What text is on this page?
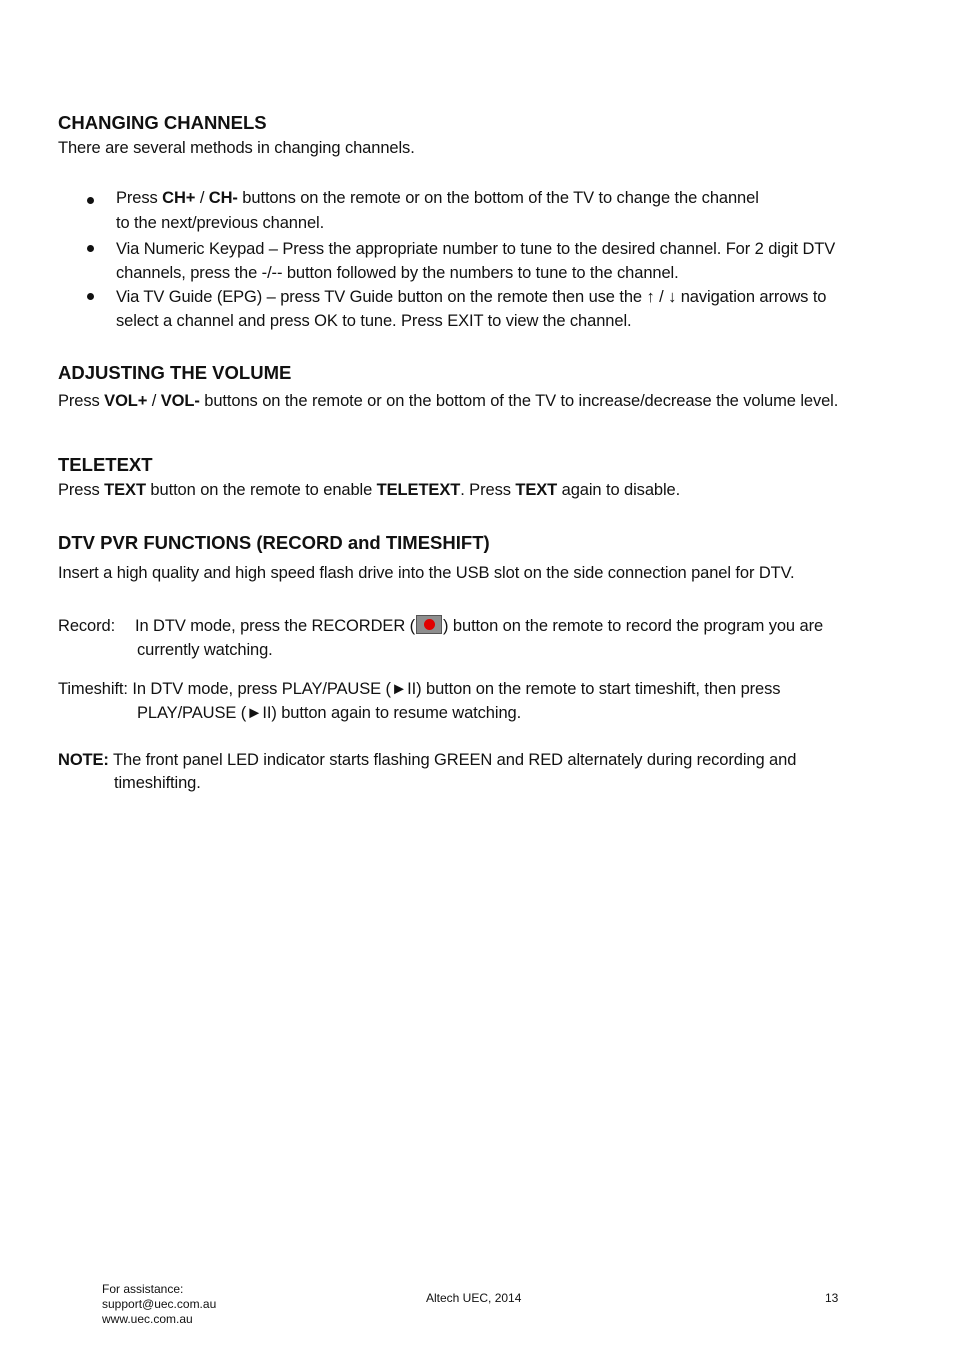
CHANGING CHANNELS
There are several methods in changing channels.
Press CH+ / CH- buttons on the remote or on the bottom of the TV to change the channel
to the next/previous channel.
Via Numeric Keypad – Press the appropriate number to tune to the desired channel. For 2 digit DTV
channels, press the -/-- button followed by the numbers to tune to the channel.
Via TV Guide (EPG) – press TV Guide button on the remote then use the ↑ / ↓ navigation arrows to
select a channel and press OK to tune. Press EXIT to view the channel.
ADJUSTING THE VOLUME
Press VOL+ / VOL- buttons on the remote or on the bottom of the TV to increase/decrease the volume level.
TELETEXT
Press TEXT button on the remote to enable TELETEXT. Press TEXT again to disable.
DTV PVR FUNCTIONS (RECORD and TIMESHIFT)
Insert a high quality and high speed flash drive into the USB slot on the side connection panel for DTV.
Record: In DTV mode, press the RECORDER ( ) button on the remote to record the program you are
currently watching.
Timeshift: In DTV mode, press PLAY/PAUSE (►II) button on the remote to start timeshift, then press
PLAY/PAUSE (►II) button again to resume watching.
NOTE: The front panel LED indicator starts flashing GREEN and RED alternately during recording and
timeshifting.
For assistance:
support@uec.com.au
www.uec.com.au
Altech UEC, 2014	13
